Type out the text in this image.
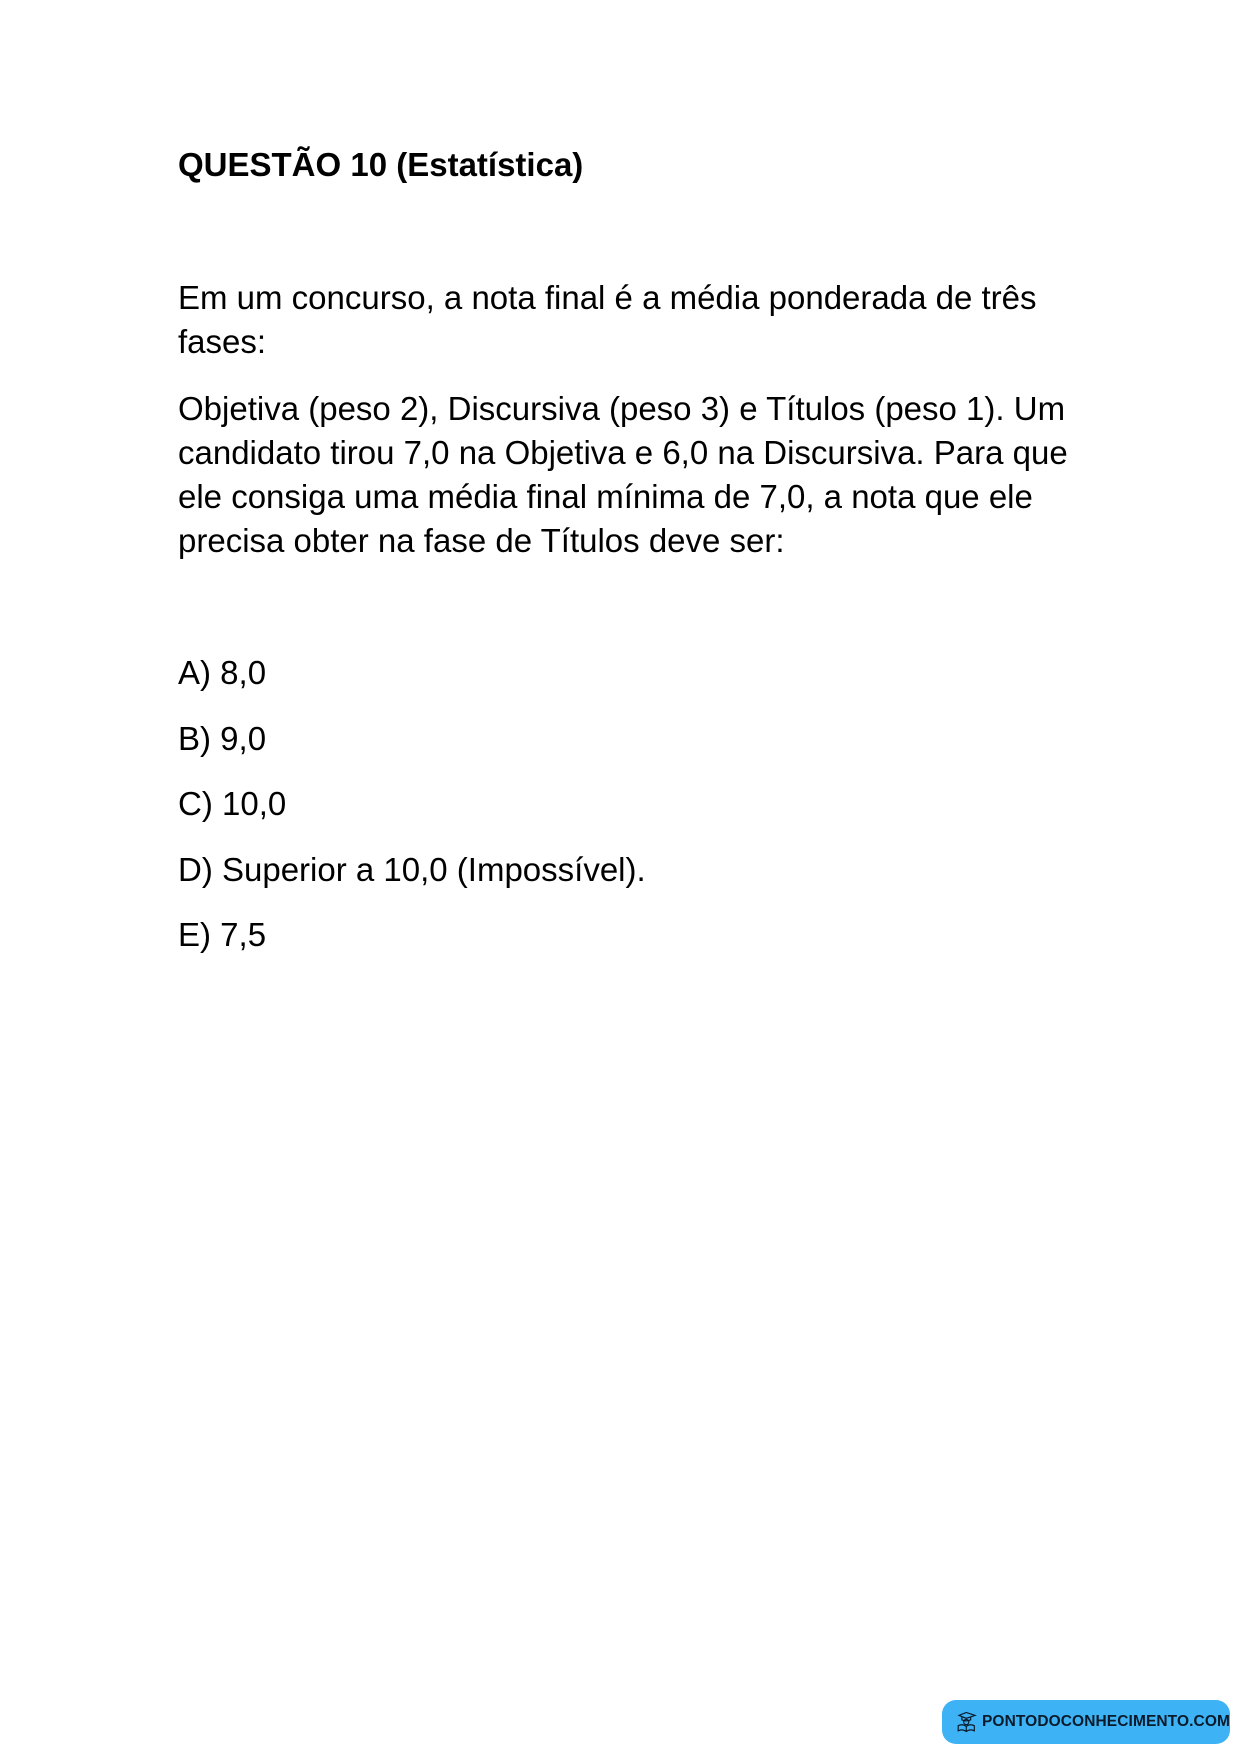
QUESTÃO 10 (Estatística)

Em um concurso, a nota final é a média ponderada de três fases:

Objetiva (peso 2), Discursiva (peso 3) e Títulos (peso 1). Um candidato tirou 7,0 na Objetiva e 6,0 na Discursiva. Para que ele consiga uma média final mínima de 7,0, a nota que ele precisa obter na fase de Títulos deve ser:

A) 8,0

B) 9,0

C) 10,0

D) Superior a 10,0 (Impossível).

E) 7,5

PONTODOCONHECIMENTO.COM
